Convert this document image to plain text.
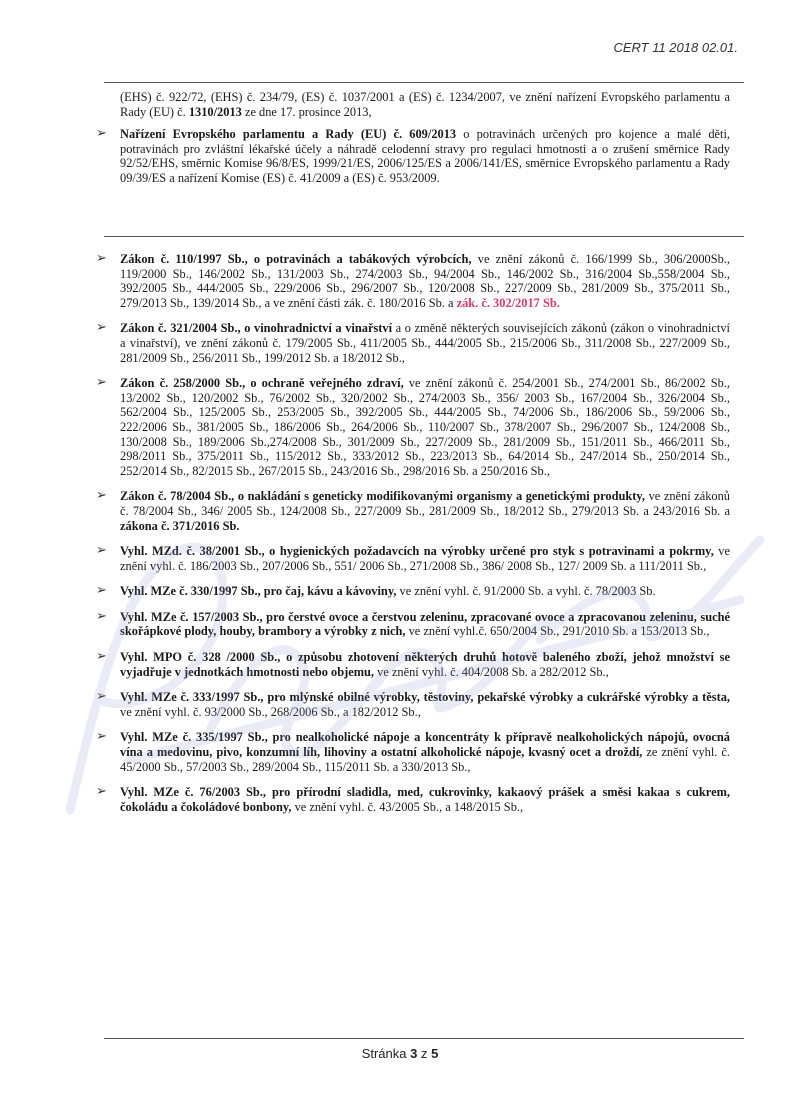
CERT 11 2018 02.01.

(EHS) č. 922/72, (EHS) č. 234/79, (ES) č. 1037/2001 a (ES) č. 1234/2007, ve znění nařízení Evropského parlamentu a Rady (EU) č. 1310/2013 ze dne 17. prosince 2013,

➢ Nařízení Evropského parlamentu a Rady (EU) č. 609/2013 o potravinách určených pro kojence a malé děti, potravinách pro zvláštní lékařské účely a náhradě celodenní stravy pro regulaci hmotnosti a o zrušení směrnice Rady 92/52/EHS, směrnic Komise 96/8/ES, 1999/21/ES, 2006/125/ES a 2006/141/ES, směrnice Evropského parlamentu a Rady 09/39/ES a nařízení Komise (ES) č. 41/2009 a (ES) č. 953/2009.
➢ Zákon č. 110/1997 Sb., o potravinách a tabákových výrobcích, ve znění zákonů č. 166/1999 Sb., 306/2000Sb., 119/2000 Sb., 146/2002 Sb., 131/2003 Sb., 274/2003 Sb., 94/2004 Sb., 146/2002 Sb., 316/2004 Sb.,558/2004 Sb., 392/2005 Sb., 444/2005 Sb., 229/2006 Sb., 296/2007 Sb., 120/2008 Sb., 227/2009 Sb., 281/2009 Sb., 375/2011 Sb., 279/2013 Sb., 139/2014 Sb., a ve znění části zák. č. 180/2016 Sb. a zák. č. 302/2017 Sb.
➢ Zákon č. 321/2004 Sb., o vinohradnictví a vinařství a o změně některých souvisejících zákonů (zákon o vinohradnictví a vinařství), ve znění zákonů č. 179/2005 Sb., 411/2005 Sb., 444/2005 Sb., 215/2006 Sb., 311/2008 Sb., 227/2009 Sb., 281/2009 Sb., 256/2011 Sb., 199/2012 Sb. a 18/2012 Sb.,
➢ Zákon č. 258/2000 Sb., o ochraně veřejného zdraví, ve znění zákonů č. 254/2001 Sb., 274/2001 Sb., 86/2002 Sb., 13/2002 Sb., 120/2002 Sb., 76/2002 Sb., 320/2002 Sb., 274/2003 Sb., 356/ 2003 Sb., 167/2004 Sb., 326/2004 Sb., 562/2004 Sb., 125/2005 Sb., 253/2005 Sb., 392/2005 Sb., 444/2005 Sb., 74/2006 Sb., 186/2006 Sb., 59/2006 Sb., 222/2006 Sb., 381/2005 Sb., 186/2006 Sb., 264/2006 Sb., 110/2007 Sb., 378/2007 Sb., 296/2007 Sb., 124/2008 Sb., 130/2008 Sb., 189/2006 Sb.,274/2008 Sb., 301/2009 Sb., 227/2009 Sb., 281/2009 Sb., 151/2011 Sb., 466/2011 Sb., 298/2011 Sb., 375/2011 Sb., 115/2012 Sb., 333/2012 Sb., 223/2013 Sb., 64/2014 Sb., 247/2014 Sb., 250/2014 Sb., 252/2014 Sb., 82/2015 Sb., 267/2015 Sb., 243/2016 Sb., 298/2016 Sb. a 250/2016 Sb.,
➢ Zákon č. 78/2004 Sb., o nakládání s geneticky modifikovanými organismy a genetickými produkty, ve znění zákonů č. 78/2004 Sb., 346/ 2005 Sb., 124/2008 Sb., 227/2009 Sb., 281/2009 Sb., 18/2012 Sb., 279/2013 Sb. a 243/2016 Sb. a zákona č. 371/2016 Sb.
➢ Vyhl. MZd. č. 38/2001 Sb., o hygienických požadavcích na výrobky určené pro styk s potravinami a pokrmy, ve znění vyhl. č. 186/2003 Sb., 207/2006 Sb., 551/ 2006 Sb., 271/2008 Sb., 386/ 2008 Sb., 127/ 2009 Sb. a 111/2011 Sb.,
➢ Vyhl. MZe č. 330/1997 Sb., pro čaj, kávu a kávoviny, ve znění vyhl. č. 91/2000 Sb. a vyhl. č. 78/2003 Sb.
➢ Vyhl. MZe č. 157/2003 Sb., pro čerstvé ovoce a čerstvou zeleninu, zpracované ovoce a zpracovanou zeleninu, suché skořápkové plody, houby, brambory a výrobky z nich, ve znění vyhl.č. 650/2004 Sb., 291/2010 Sb. a 153/2013 Sb.,
➢ Vyhl. MPO č. 328 /2000 Sb., o způsobu zhotovení některých druhů hotově baleného zboží, jehož množství se vyjadřuje v jednotkách hmotnosti nebo objemu, ve znění vyhl. č. 404/2008 Sb. a 282/2012 Sb.,
➢ Vyhl. MZe č. 333/1997 Sb., pro mlýnské obilné výrobky, těstoviny, pekařské výrobky a cukrářské výrobky a těsta, ve znění vyhl. č. 93/2000 Sb., 268/2006 Sb., a 182/2012 Sb.,
➢ Vyhl. MZe č. 335/1997 Sb., pro nealkoholické nápoje a koncentráty k přípravě nealkoholických nápojů, ovocná vína a medovinu, pivo, konzumní líh, lihoviny a ostatní alkoholické nápoje, kvasný ocet a droždí, ze znění vyhl. č. 45/2000 Sb., 57/2003 Sb., 289/2004 Sb., 115/2011 Sb. a 330/2013 Sb.,
➢ Vyhl. MZe č. 76/2003 Sb., pro přírodní sladidla, med, cukrovinky, kakaový prášek a směsi kakaa s cukrem, čokoládu a čokoládové bonbony, ve znění vyhl. č. 43/2005 Sb., a 148/2015 Sb.,
Stránka 3 z 5
